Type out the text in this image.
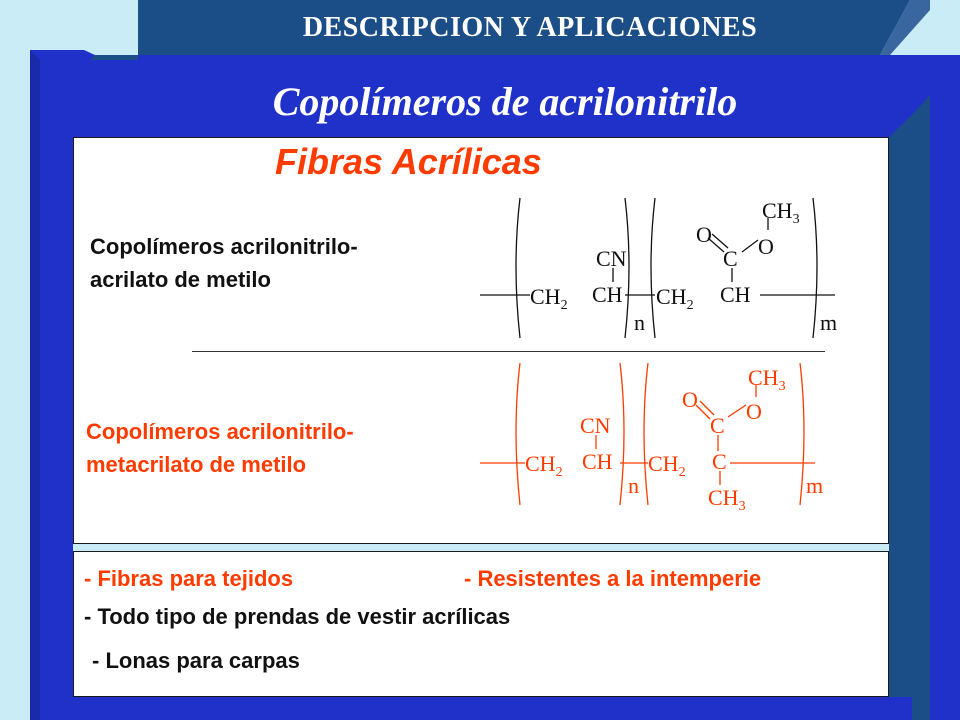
DESCRIPCION Y APLICACIONES
Copolímeros de acrilonitrilo
Fibras Acrílicas
Copolímeros acrilonitrilo-
acrilato de metilo
$CH_3$
O O
CN	C
$CH_2$ CH $CH_2$ CH
n	m
Copolímeros acrilonitrilo-
metacrilato de metilo
$CH_3$
O O
CN	C
$CH_2$ CH $CH_2$ C
$CH_3$
n	m
- Fibras para tejidos	- Resistentes a la intemperie
- Todo tipo de prendas de vestir acrílicas
- Lonas para carpas
